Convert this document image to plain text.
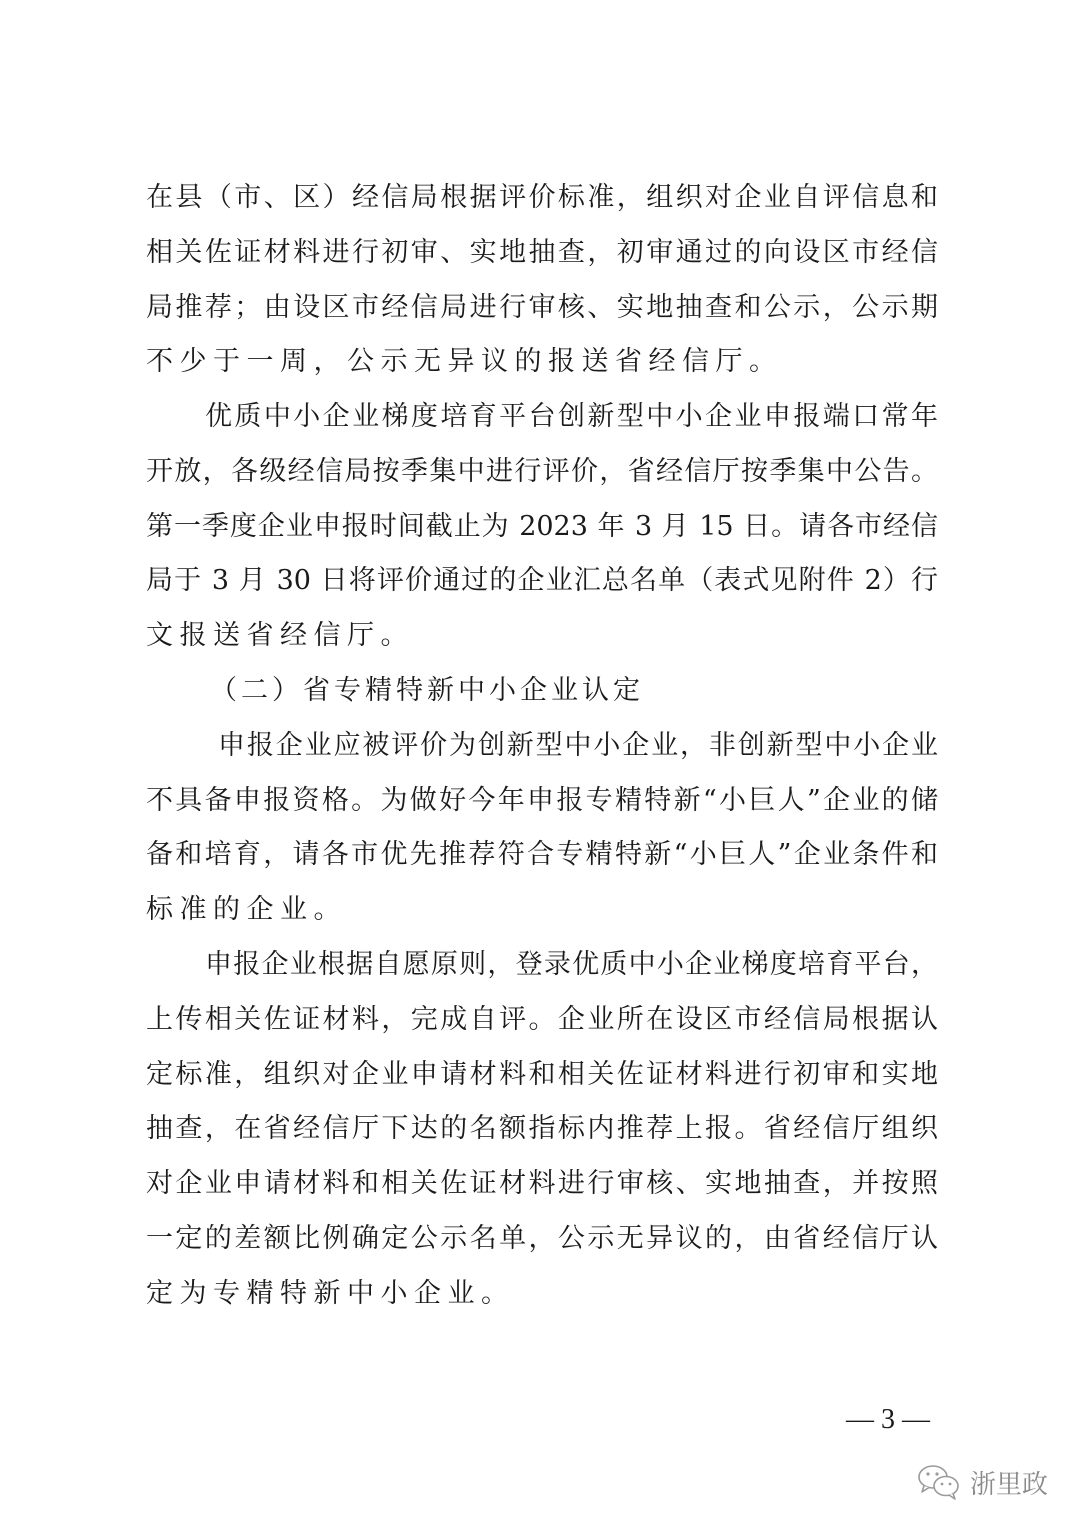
在县（市、区）经信局根据评价标准，组织对企业自评信息和
相关佐证材料进行初审、实地抽查，初审通过的向设区市经信
局推荐；由设区市经信局进行审核、实地抽查和公示，公示期
不少于一周，公示无异议的报送省经信厅。
优质中小企业梯度培育平台创新型中小企业申报端口常年
开放，各级经信局按季集中进行评价，省经信厅按季集中公告。
第一季度企业申报时间截止为 2023 年 3 月 15 日。请各市经信
局于 3 月 30 日将评价通过的企业汇总名单（表式见附件 2）行
文报送省经信厅。
（二）省专精特新中小企业认定
申报企业应被评价为创新型中小企业，非创新型中小企业
不具备申报资格。为做好今年申报专精特新“小巨人”企业的储
备和培育，请各市优先推荐符合专精特新“小巨人”企业条件和
标准的企业。
申报企业根据自愿原则，登录优质中小企业梯度培育平台，
上传相关佐证材料，完成自评。企业所在设区市经信局根据认
定标准，组织对企业申请材料和相关佐证材料进行初审和实地
抽查，在省经信厅下达的名额指标内推荐上报。省经信厅组织
对企业申请材料和相关佐证材料进行审核、实地抽查，并按照
一定的差额比例确定公示名单，公示无异议的，由省经信厅认
定为专精特新中小企业。
— 3 —
浙里政
